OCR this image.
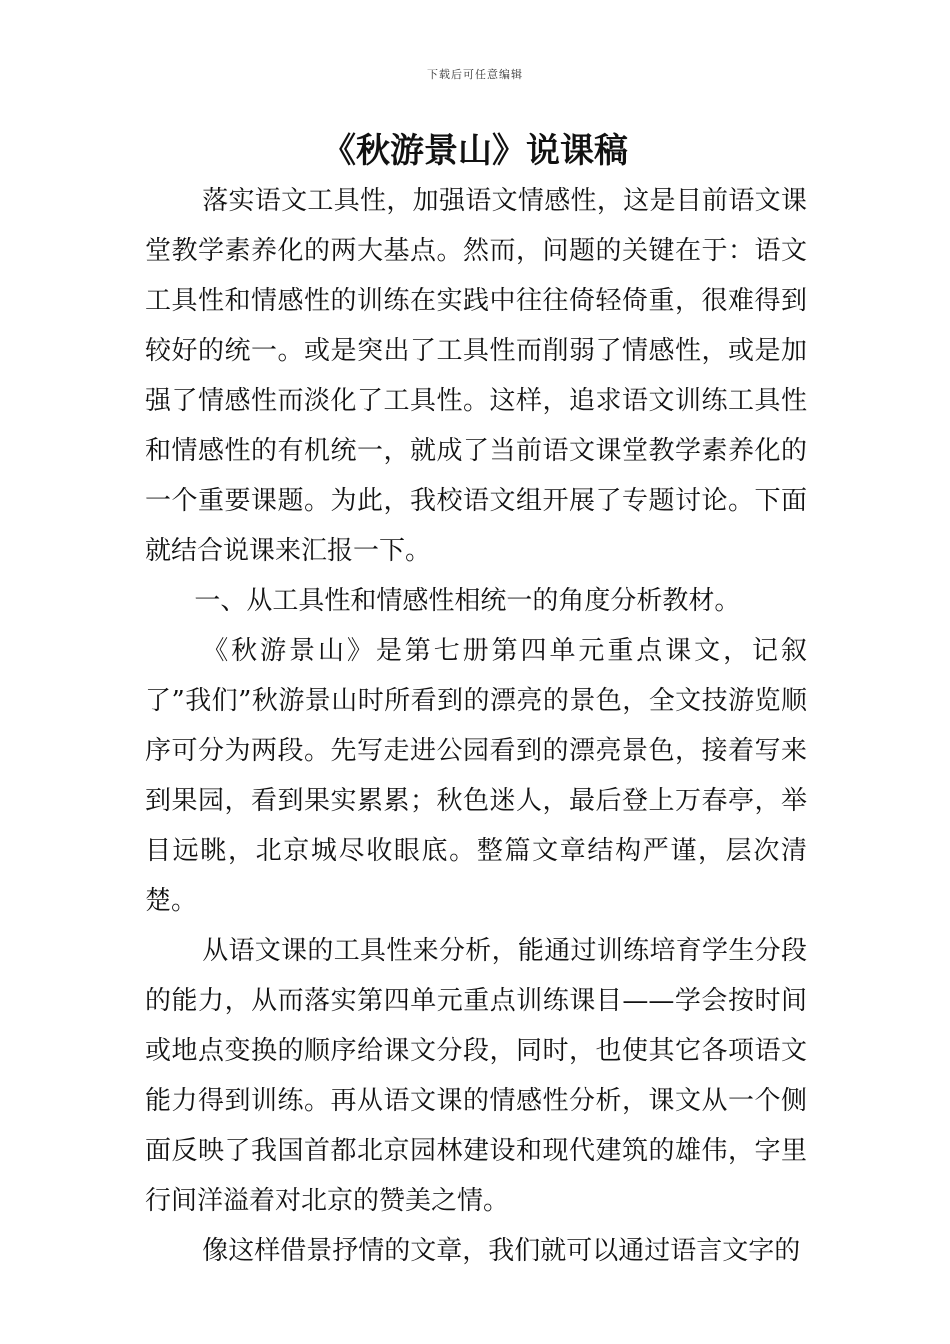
下载后可任意编辑
《秋游景山》说课稿

落实语文工具性，加强语文情感性，这是目前语文课堂教学素养化的两大基点。然而，问题的关键在于：语文工具性和情感性的训练在实践中往往倚轻倚重，很难得到较好的统一。或是突出了工具性而削弱了情感性，或是加强了情感性而淡化了工具性。这样，追求语文训练工具性和情感性的有机统一，就成了当前语文课堂教学素养化的一个重要课题。为此，我校语文组开展了专题讨论。下面就结合说课来汇报一下。

一、从工具性和情感性相统一的角度分析教材。

《秋游景山》是第七册第四单元重点课文，记叙了”我们”秋游景山时所看到的漂亮的景色，全文技游览顺序可分为两段。先写走进公园看到的漂亮景色，接着写来到果园，看到果实累累；秋色迷人，最后登上万春亭，举目远眺，北京城尽收眼底。整篇文章结构严谨，层次清楚。

从语文课的工具性来分析，能通过训练培育学生分段的能力，从而落实第四单元重点训练课目——学会按时间或地点变换的顺序给课文分段，同时，也使其它各项语文能力得到训练。再从语文课的情感性分析，课文从一个侧面反映了我国首都北京园林建设和现代建筑的雄伟，字里行间洋溢着对北京的赞美之情。

像这样借景抒情的文章，我们就可以通过语言文字的
